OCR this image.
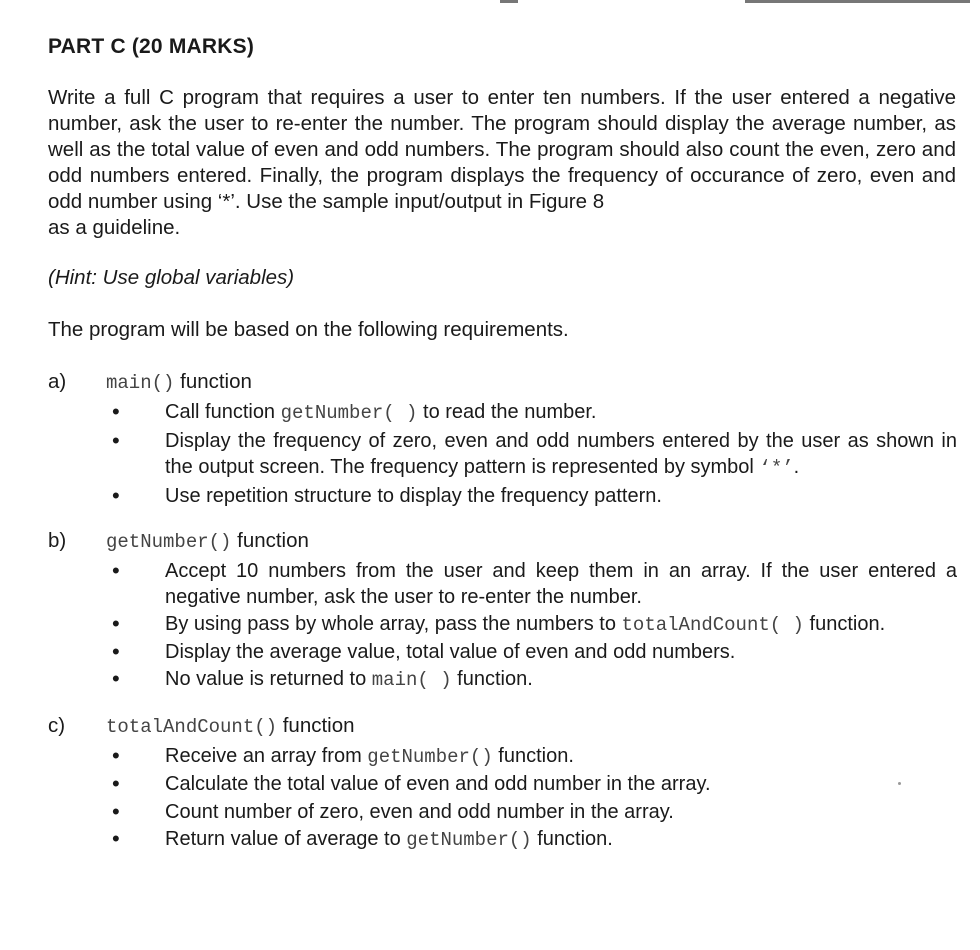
PART C (20 MARKS)
Write a full C program that requires a user to enter ten numbers. If the user entered a negative number, ask the user to re-enter the number. The program should display the average number, as well as the total value of even and odd numbers. The program should also count the even, zero and odd numbers entered. Finally, the program displays the frequency of occurance of zero, even and odd number using ‘*’. Use the sample input/output in Figure 8
as a guideline.
(Hint: Use global variables)
The program will be based on the following requirements.
a) main() function
• Call function getNumber( ) to read the number.
• Display the frequency of zero, even and odd numbers entered by the user as shown in the output screen. The frequency pattern is represented by symbol ‘*’.
• Use repetition structure to display the frequency pattern.
b) getNumber() function
• Accept 10 numbers from the user and keep them in an array. If the user entered a negative number, ask the user to re-enter the number.
• By using pass by whole array, pass the numbers to totalAndCount( ) function.
• Display the average value, total value of even and odd numbers.
• No value is returned to main( ) function.
c) totalAndCount() function
• Receive an array from getNumber() function.
• Calculate the total value of even and odd number in the array.
• Count number of zero, even and odd number in the array.
• Return value of average to getNumber() function.
